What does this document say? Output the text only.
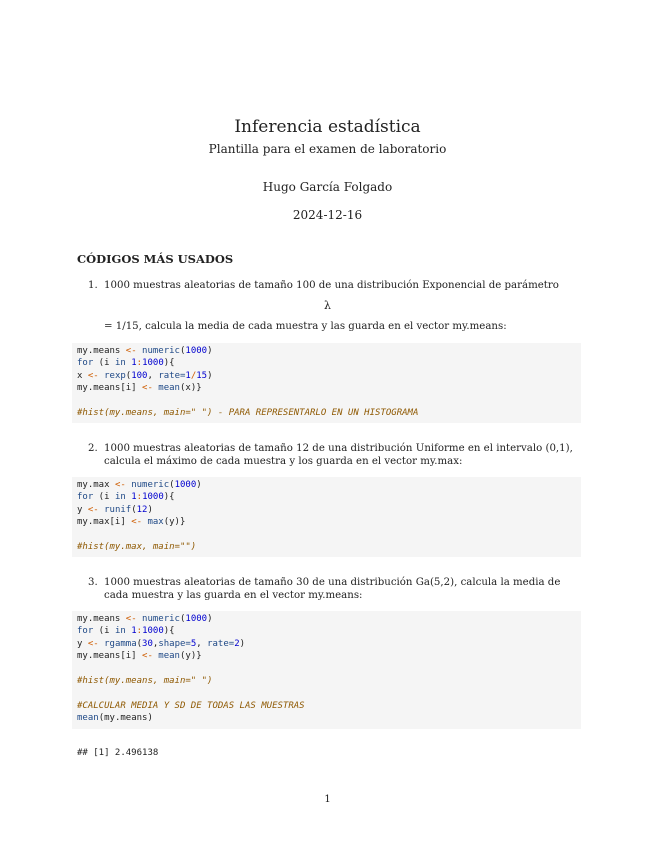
Inferencia estadística
Plantilla para el examen de laboratorio
Hugo García Folgado
2024-12-16
CÓDIGOS MÁS USADOS
1. 1000 muestras aleatorias de tamaño 100 de una distribución Exponencial de parámetro
λ
= 1/15, calcula la media de cada muestra y las guarda en el vector my.means:
my.means <- numeric(1000)
for (i in 1:1000){
x <- rexp(100, rate=1/15)
my.means[i] <- mean(x)}
#hist(my.means, main=" ") - PARA REPRESENTARLO EN UN HISTOGRAMA
2. 1000 muestras aleatorias de tamaño 12 de una distribución Uniforme en el intervalo (0,1), calcula el máximo de cada muestra y los guarda en el vector my.max:
my.max <- numeric(1000)
for (i in 1:1000){
y <- runif(12)
my.max[i] <- max(y)}
#hist(my.max, main="")
3. 1000 muestras aleatorias de tamaño 30 de una distribución Ga(5,2), calcula la media de cada muestra y las guarda en el vector my.means:
my.means <- numeric(1000)
for (i in 1:1000){
y <- rgamma(30,shape=5, rate=2)
my.means[i] <- mean(y)}
#hist(my.means, main=" ")
#CALCULAR MEDIA Y SD DE TODAS LAS MUESTRAS
mean(my.means)
## [1] 2.496138
1
